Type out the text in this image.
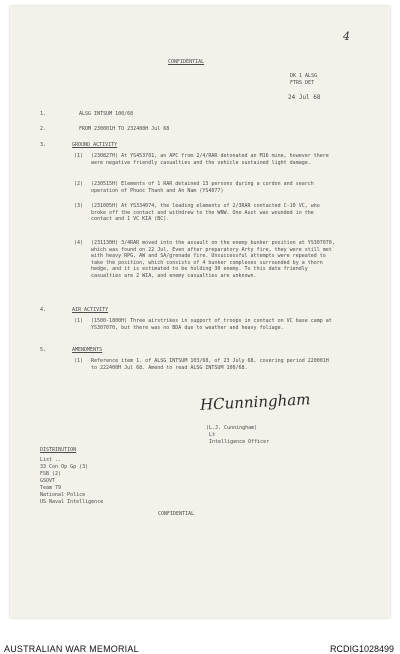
4
CONFIDENTIAL
DK 1 ALSG
FTRS DET
24 Jul 68
1.	ALSG INTSUM 100/68
2.	FROM 230001H TO 232400H Jul 68
3.	GROUND ACTIVITY
(1) (230827H) At YS453701, an APC from 2/4/RAR detonated an M16 mine, however there were negative friendly casualties and the vehicle sustained light damage.
(2) (230515H) Elements of 1 RAR detained 13 persons during a cordon and search operation of Phuoc Thanh and An Nam (YS4077)
(3) (231005H) At YS334074, the leading elements of 2/3RAR contacted C-10 VC, who broke off the contact and withdrew to the WNW. One Aust was wounded in the contact and 1 VC KIA (BC).
(4) (231130H) 3/4RAR moved into the assault on the enemy bunker position at YS307070, which was found on 22 Jul. Even after preparatory Arty fire, they were still met with heavy RPG, AW and SA/grenade fire. Unsuccessful attempts were repeated to take the position, which consists of 4 bunker complexes surrounded by a thorn hedge, and it is estimated to be holding 30 enemy. To this date friendly casualties are 2 WIA, and enemy casualties are unknown.
4.	AIR ACTIVITY
(1) (1500-1800H) Three airstrikes in support of troops in contact on VC base camp at YS307070, but there was no BDA due to weather and heavy foliage.
5.	AMENDMENTS
(1) Reference item 1. of ALSG INTSUM 103/68, of 23 July 68, covering period 220001H to 222400H Jul 68. Amend to read ALSG INTSUM 100/68.
HCunningham
(L.J. Cunningham)
Lt
Intelligence Officer
DISTRIBUTION
List ..
33 Con Op Gp (3)
FSB (2)
GSOVT
Team 79
National Police
US Naval Intelligence
CONFIDENTIAL
AUSTRALIAN WAR MEMORIAL	RCDIG1028499
